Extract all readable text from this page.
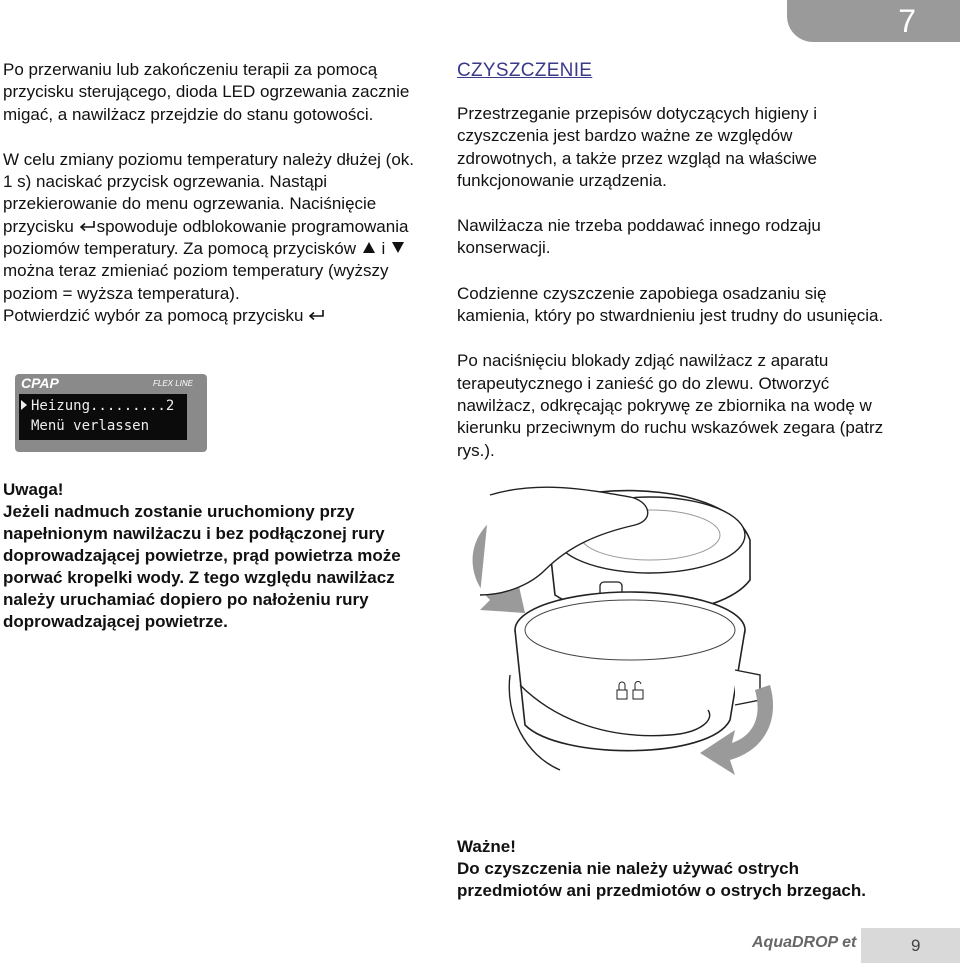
7

Po przerwaniu lub zakończeniu terapii za pomocą przycisku sterującego, dioda LED ogrzewania zacznie migać, a nawilżacz przejdzie do stanu gotowości.

W celu zmiany poziomu temperatury należy dłużej (ok. 1 s) naciskać przycisk ogrzewania. Nastąpi przekierowanie do menu ogrzewania. Naciśnięcie przycisku spowoduje odblokowanie programowania poziomów temperatury. Za pomocą przycisków  i  można teraz zmieniać poziom temperatury (wyższy poziom = wyższa temperatura).
Potwierdzić wybór za pomocą przycisku

CPAP	FLEX LINE
Heizung.........2
Menü verlassen

Uwaga!

Jeżeli nadmuch zostanie uruchomiony przy napełnionym nawilżaczu i bez podłączonej rury doprowadzającej powietrze, prąd powietrza może porwać kropelki wody. Z tego względu nawilżacz należy uruchamiać dopiero po nałożeniu rury doprowadzającej powietrze.

CZYSZCZENIE

Przestrzeganie przepisów dotyczących higieny i czyszczenia jest bardzo ważne ze względów zdrowotnych, a także przez wzgląd na właściwe funkcjonowanie urządzenia.

Nawilżacza nie trzeba poddawać innego rodzaju konserwacji.

Codzienne czyszczenie zapobiega osadzaniu się kamienia, który po stwardnieniu jest trudny do usunięcia.

Po naciśnięciu blokady zdjąć nawilżacz z aparatu terapeutycznego i zanieść go do zlewu. Otworzyć nawilżacz, odkręcając pokrywę ze zbiornika na wodę w kierunku przeciwnym do ruchu wskazówek zegara (patrz rys.).

Ważne!

Do czyszczenia nie należy używać ostrych przedmiotów ani przedmiotów o ostrych brzegach.

AquaDROP et	9
